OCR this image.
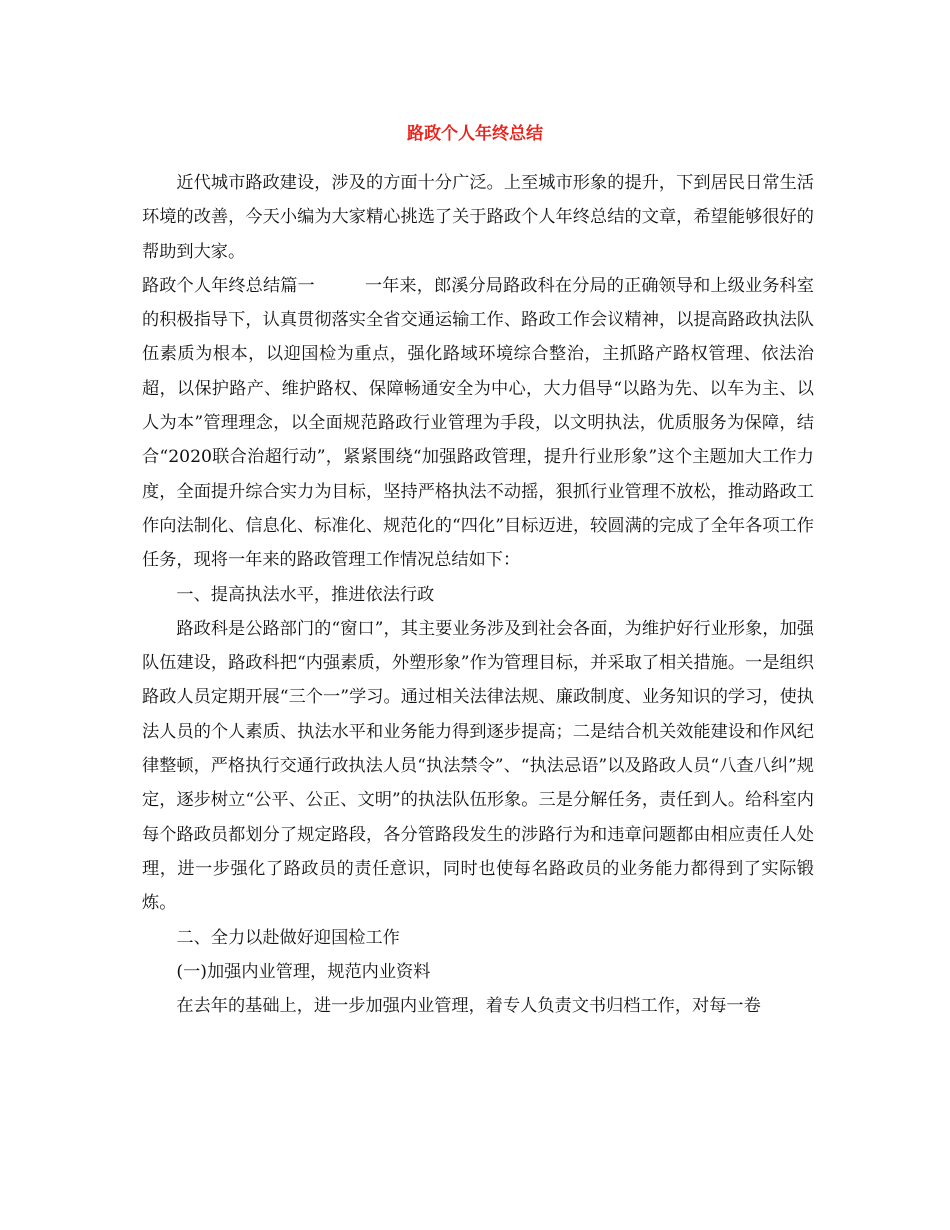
路政个人年终总结

近代城市路政建设，涉及的方面十分广泛。上至城市形象的提升，下到居民日常生活环境的改善，今天小编为大家精心挑选了关于路政个人年终总结的文章，希望能够很好的帮助到大家。

路政个人年终总结篇一	一年来，郎溪分局路政科在分局的正确领导和上级业务科室的积极指导下，认真贯彻落实全省交通运输工作、路政工作会议精神，以提高路政执法队伍素质为根本，以迎国检为重点，强化路域环境综合整治，主抓路产路权管理、依法治超，以保护路产、维护路权、保障畅通安全为中心，大力倡导“以路为先、以车为主、以人为本”管理理念，以全面规范路政行业管理为手段，以文明执法，优质服务为保障，结合“2020联合治超行动”，紧紧围绕“加强路政管理，提升行业形象”这个主题加大工作力度，全面提升综合实力为目标，坚持严格执法不动摇，狠抓行业管理不放松，推动路政工作向法制化、信息化、标准化、规范化的“四化”目标迈进，较圆满的完成了全年各项工作任务，现将一年来的路政管理工作情况总结如下：

一、提高执法水平，推进依法行政

路政科是公路部门的“窗口”，其主要业务涉及到社会各面，为维护好行业形象，加强队伍建设，路政科把“内强素质，外塑形象”作为管理目标，并采取了相关措施。一是组织路政人员定期开展“三个一”学习。通过相关法律法规、廉政制度、业务知识的学习，使执法人员的个人素质、执法水平和业务能力得到逐步提高；二是结合机关效能建设和作风纪律整顿，严格执行交通行政执法人员“执法禁令”、“执法忌语”以及路政人员“八查八纠”规定，逐步树立“公平、公正、文明”的执法队伍形象。三是分解任务，责任到人。给科室内每个路政员都划分了规定路段，各分管路段发生的涉路行为和违章问题都由相应责任人处理，进一步强化了路政员的责任意识，同时也使每名路政员的业务能力都得到了实际锻炼。

二、全力以赴做好迎国检工作

(一)加强内业管理，规范内业资料

在去年的基础上，进一步加强内业管理，着专人负责文书归档工作，对每一卷
